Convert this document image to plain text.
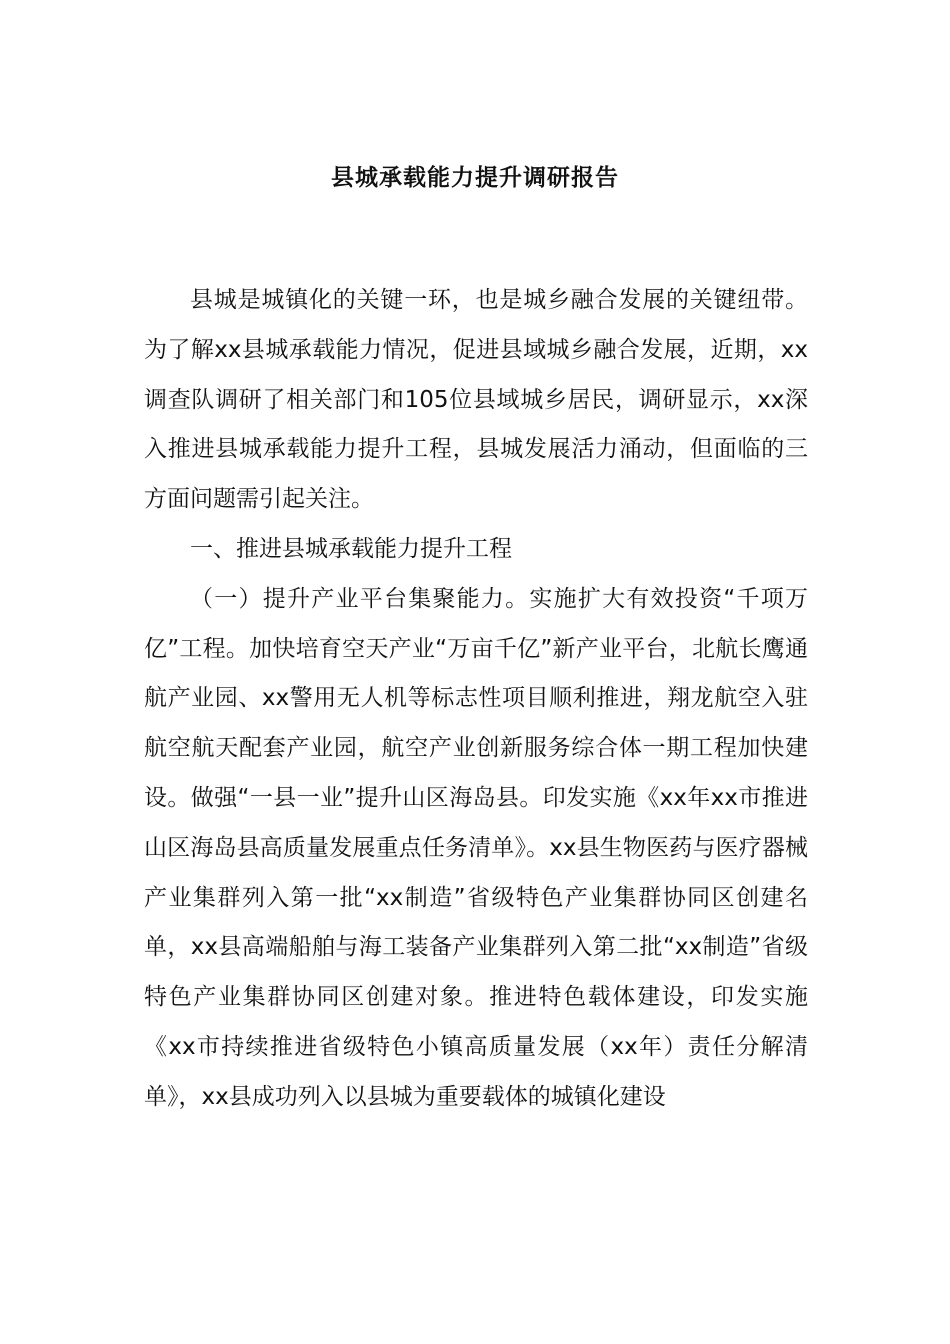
县城承载能力提升调研报告

县城是城镇化的关键一环，也是城乡融合发展的关键纽带。为了解xx县城承载能力情况，促进县域城乡融合发展，近期，xx调查队调研了相关部门和105位县域城乡居民，调研显示，xx深入推进县城承载能力提升工程，县城发展活力涌动，但面临的三方面问题需引起关注。

一、推进县城承载能力提升工程

（一）提升产业平台集聚能力。实施扩大有效投资“千项万亿”工程。加快培育空天产业“万亩千亿”新产业平台，北航长鹰通航产业园、xx警用无人机等标志性项目顺利推进，翔龙航空入驻航空航天配套产业园，航空产业创新服务综合体一期工程加快建设。做强“一县一业”提升山区海岛县。印发实施《xx年xx市推进山区海岛县高质量发展重点任务清单》。xx县生物医药与医疗器械产业集群列入第一批“xx制造”省级特色产业集群协同区创建名单，xx县高端船舶与海工装备产业集群列入第二批“xx制造”省级特色产业集群协同区创建对象。推进特色载体建设，印发实施《xx市持续推进省级特色小镇高质量发展（xx年）责任分解清单》，xx县成功列入以县城为重要载体的城镇化建设
